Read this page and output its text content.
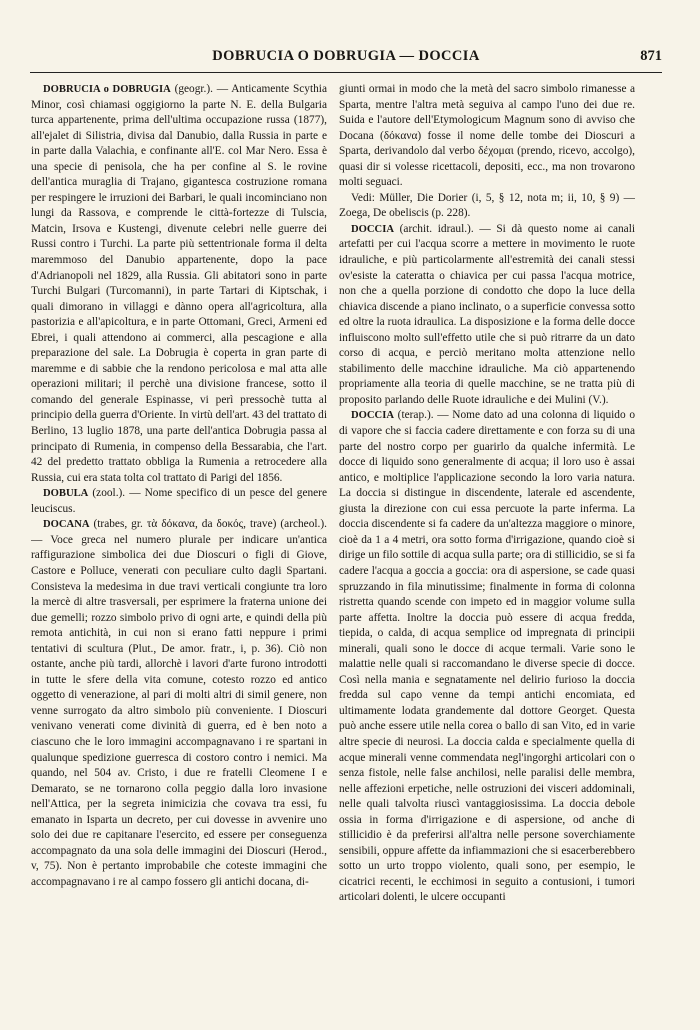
DOBRUCIA O DOBRUGIA — DOCCIA	871

DOBRUCIA o DOBRUGIA (geogr.). — Anticamente Scythia Minor, così chiamasi oggigiorno la parte N. E. della Bulgaria turca appartenente, prima dell'ultima occupazione russa (1877), all'ejalet di Silistria, divisa dal Danubio, dalla Russia in parte e in parte dalla Valachia, e confinante all'E. col Mar Nero. Essa è una specie di penisola, che ha per confine al S. le rovine dell'antica muraglia di Trajano, gigantesca costruzione romana per respingere le irruzioni dei Barbari, le quali incominciano non lungi da Rassova, e comprende le città-fortezze di Tulscia, Matcin, Irsova e Kustengi, divenute celebri nelle guerre dei Russi contro i Turchi. La parte più settentrionale forma il delta maremmoso del Danubio appartenente, dopo la pace d'Adrianopoli nel 1829, alla Russia. Gli abitatori sono in parte Turchi Bulgari (Turcomanni), in parte Tartari di Kiptschak, i quali dimorano in villaggi e dànno opera all'agricoltura, alla pastorizia e all'apicoltura, e in parte Ottomani, Greci, Armeni ed Ebrei, i quali attendono ai commerci, alla pescagione e alla preparazione del sale. La Dobrugia è coperta in gran parte di maremme e di sabbie che la rendono pericolosa e mal atta alle operazioni militari; il perchè una divisione francese, sotto il comando del generale Espinasse, vi perì pressochè tutta al principio della guerra d'Oriente. In virtù dell'art. 43 del trattato di Berlino, 13 luglio 1878, una parte dell'antica Dobrugia passa al principato di Rumenia, in compenso della Bessarabia, che l'art. 42 del predetto trattato obbliga la Rumenia a retrocedere alla Russia, cui era stata tolta col trattato di Parigi del 1856.

DOBULA (zool.). — Nome specifico di un pesce del genere leuciscus.

DOCANA (trabes, gr. τὰ δόκανα, da δοκός, trave) (archeol.). — Voce greca nel numero plurale per indicare un'antica raffigurazione simbolica dei due Dioscuri o figli di Giove, Castore e Polluce, venerati con peculiare culto dagli Spartani. Consisteva la medesima in due travi verticali congiunte tra loro la mercè di altre trasversali, per esprimere la fraterna unione dei due gemelli; rozzo simbolo privo di ogni arte, e quindi della più remota antichità, in cui non si erano fatti neppure i primi tentativi di scultura (Plut., De amor. fratr., i, p. 36). Ciò non ostante, anche più tardi, allorchè i lavori d'arte furono introdotti in tutte le sfere della vita comune, cotesto rozzo ed antico oggetto di venerazione, al pari di molti altri di simil genere, non venne surrogato da altro simbolo più conveniente. I Dioscuri venivano venerati come divinità di guerra, ed è ben noto a ciascuno che le loro immagini accompagnavano i re spartani in qualunque spedizione guerresca di costoro contro i nemici. Ma quando, nel 504 av. Cristo, i due re fratelli Cleomene I e Demarato, se ne tornarono colla peggio dalla loro invasione nell'Attica, per la segreta inimicizia che covava tra essi, fu emanato in Isparta un decreto, per cui dovesse in avvenire uno solo dei due re capitanare l'esercito, ed essere per conseguenza accompagnato da una sola delle immagini dei Dioscuri (Herod., v, 75). Non è pertanto improbabile che coteste immagini che accompagnavano i re al campo fossero gli antichi docana, di-

giunti ormai in modo che la metà del sacro simbolo rimanesse a Sparta, mentre l'altra metà seguiva al campo l'uno dei due re. Suida e l'autore dell'Etymologicum Magnum sono di avviso che Docana (δόκανα) fosse il nome delle tombe dei Dioscuri a Sparta, derivandolo dal verbo δέχομαι (prendo, ricevo, accolgo), quasi dir si volesse ricettacoli, depositi, ecc., ma non trovarono molti seguaci.

Vedi: Müller, Die Dorier (i, 5, § 12, nota m; ii, 10, § 9) — Zoega, De obeliscis (p. 228).

DOCCIA (archit. idraul.). — Si dà questo nome ai canali artefatti per cui l'acqua scorre a mettere in movimento le ruote idrauliche, e più particolarmente all'estremità dei canali stessi ov'esiste la cateratta o chiavica per cui passa l'acqua motrice, non che a quella porzione di condotto che dopo la luce della chiavica discende a piano inclinato, o a superficie convessa sotto ed oltre la ruota idraulica. La disposizione e la forma delle docce influiscono molto sull'effetto utile che si può ritrarre da un dato corso di acqua, e perciò meritano molta attenzione nello stabilimento delle macchine idrauliche. Ma ciò appartenendo propriamente alla teoria di quelle macchine, se ne tratta più di proposito parlando delle Ruote idrauliche e dei Mulini (V.).

DOCCIA (terap.). — Nome dato ad una colonna di liquido o di vapore che si faccia cadere direttamente e con forza su di una parte del nostro corpo per guarirlo da qualche infermità. Le docce di liquido sono generalmente di acqua; il loro uso è assai antico, e moltiplice l'applicazione secondo la loro varia natura. La doccia si distingue in discendente, laterale ed ascendente, giusta la direzione con cui essa percuote la parte inferma. La doccia discendente si fa cadere da un'altezza maggiore o minore, cioè da 1 a 4 metri, ora sotto forma d'irrigazione, quando cioè si dirige un filo sottile di acqua sulla parte; ora di stillicidio, se si fa cadere l'acqua a goccia a goccia: ora di aspersione, se cade quasi spruzzando in fila minutissime; finalmente in forma di colonna ristretta quando scende con impeto ed in maggior volume sulla parte affetta. Inoltre la doccia può essere di acqua fredda, tiepida, o calda, di acqua semplice od impregnata di principii minerali, quali sono le docce di acque termali. Varie sono le malattie nelle quali si raccomandano le diverse specie di docce. Così nella mania e segnatamente nel delirio furioso la doccia fredda sul capo venne da tempi antichi encomiata, ed ultimamente lodata grandemente dal dottore Georget. Questa può anche essere utile nella corea o ballo di san Vito, ed in varie altre specie di neurosi. La doccia calda e specialmente quella di acque minerali venne commendata negl'ingorghi articolari con o senza fistole, nelle false anchilosi, nelle paralisi delle membra, nelle affezioni erpetiche, nelle ostruzioni dei visceri addominali, nelle quali talvolta riuscì vantaggiosissima. La doccia debole ossia in forma d'irrigazione e di aspersione, od anche di stillicidio è da preferirsi all'altra nelle persone soverchiamente sensibili, oppure affette da infiammazioni che si esacerberebbero sotto un urto troppo violento, quali sono, per esempio, le cicatrici recenti, le ecchimosi in seguito a contusioni, i tumori articolari dolenti, le ulcere occupanti
